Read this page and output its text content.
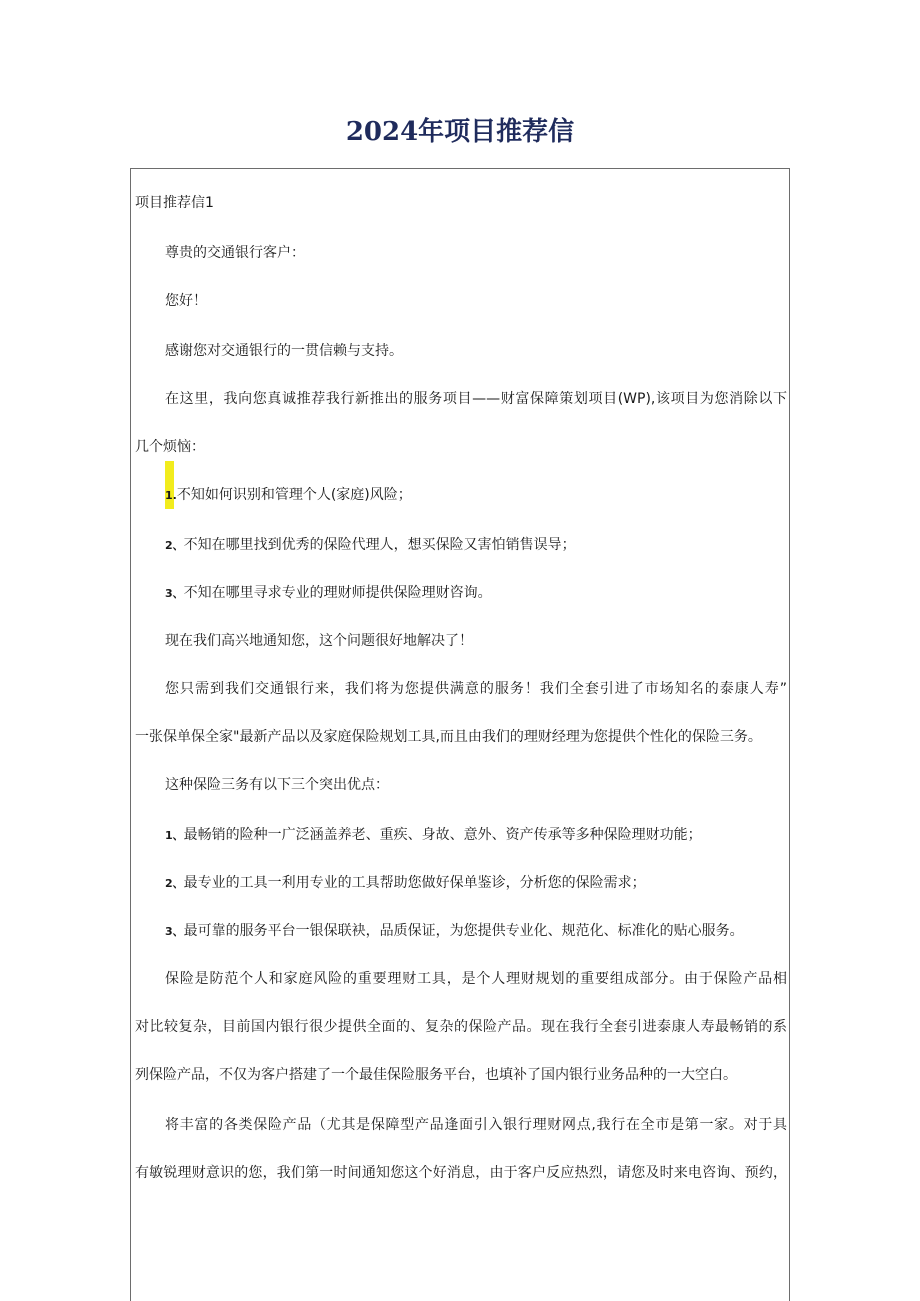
2024年项目推荐信

项目推荐信1

尊贵的交通银行客户：

您好！

感谢您对交通银行的一贯信赖与支持。

在这里，我向您真诚推荐我行新推出的服务项目——财富保障策划项目(WP),该项目为您消除以下

几个烦恼：

1.不知如何识别和管理个人(家庭)风险；

2、不知在哪里找到优秀的保险代理人，想买保险又害怕销售误导；

3、不知在哪里寻求专业的理财师提供保险理财咨询。

现在我们高兴地通知您，这个问题很好地解决了！

您只需到我们交通银行来，我们将为您提供满意的服务！我们全套引进了市场知名的泰康人寿”

一张保单保全家"最新产品以及家庭保险规划工具,而且由我们的理财经理为您提供个性化的保险三务。

这种保险三务有以下三个突出优点：

1、最畅销的险种一广泛涵盖养老、重疾、身故、意外、资产传承等多种保险理财功能；

2、最专业的工具一利用专业的工具帮助您做好保单鉴诊，分析您的保险需求；

3、最可靠的服务平台一银保联袂，品质保证，为您提供专业化、规范化、标准化的贴心服务。

保险是防范个人和家庭风险的重要理财工具，是个人理财规划的重要组成部分。由于保险产品相

对比较复杂，目前国内银行很少提供全面的、复杂的保险产品。现在我行全套引进泰康人寿最畅销的系

列保险产品，不仅为客户搭建了一个最佳保险服务平台，也填补了国内银行业务品种的一大空白。

将丰富的各类保险产品（尤其是保障型产品逢面引入银行理财网点,我行在全市是第一家。对于具

有敏锐理财意识的您，我们第一时间通知您这个好消息，由于客户反应热烈，请您及时来电咨询、预约，
